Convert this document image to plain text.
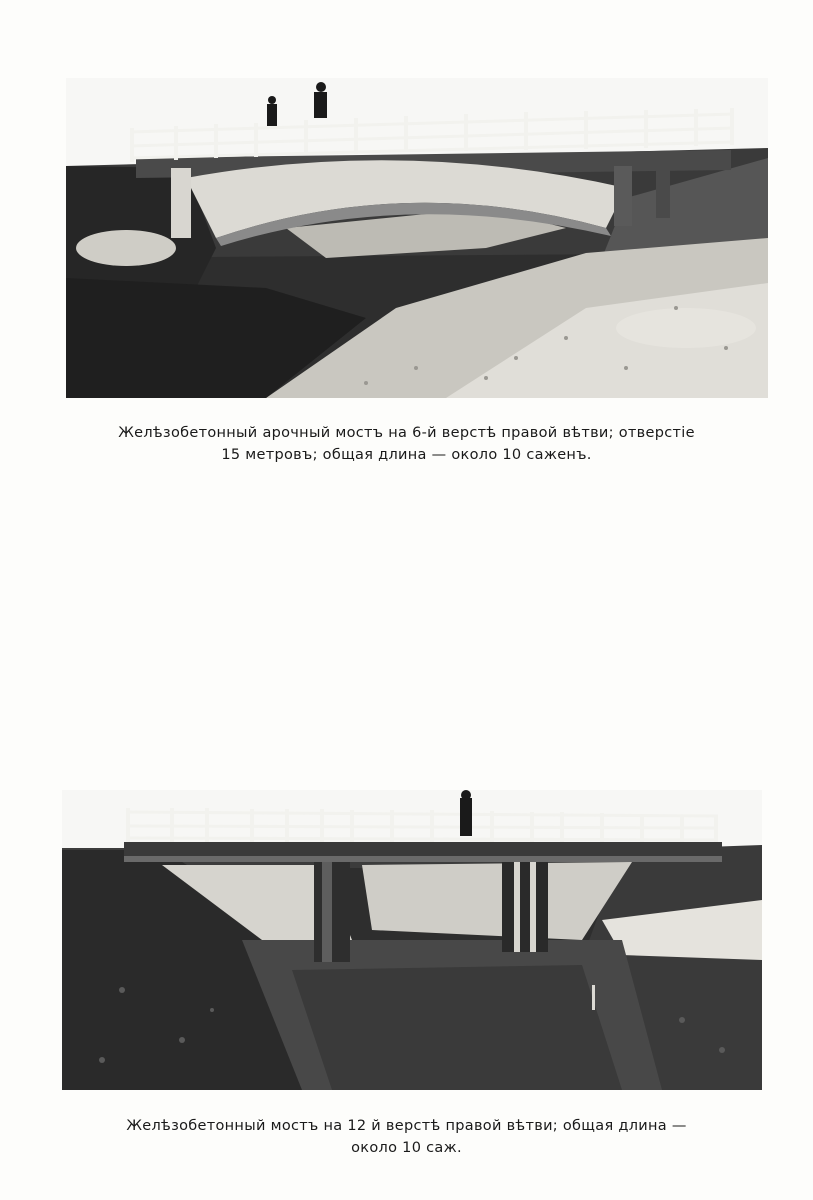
Желѣзобетонный арочный мостъ на 6-й верстѣ правой вѣтви; отверстіе
15 метровъ; общая длина — около 10 саженъ.
Желѣзобетонный мостъ на 12 й верстѣ правой вѣтви; общая длина —
около 10 саж.
